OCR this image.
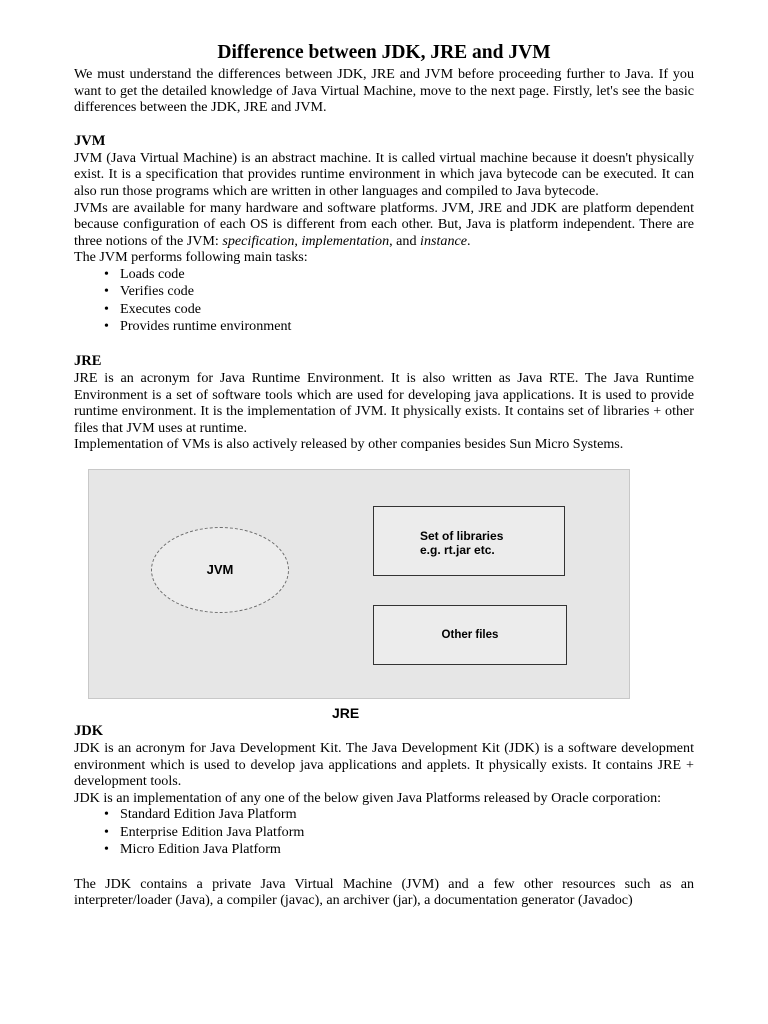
Difference between JDK, JRE and JVM

We must understand the differences between JDK, JRE and JVM before proceeding further to Java. If you want to get the detailed knowledge of Java Virtual Machine, move to the next page. Firstly, let's see the basic differences between the JDK, JRE and JVM.

JVM

JVM (Java Virtual Machine) is an abstract machine. It is called virtual machine because it doesn't physically exist. It is a specification that provides runtime environment in which java bytecode can be executed. It can also run those programs which are written in other languages and compiled to Java bytecode.

JVMs are available for many hardware and software platforms. JVM, JRE and JDK are platform dependent because configuration of each OS is different from each other. But, Java is platform independent. There are three notions of the JVM: specification, implementation, and instance.

The JVM performs following main tasks:

• Loads code
• Verifies code
• Executes code
• Provides runtime environment
JRE

JRE is an acronym for Java Runtime Environment. It is also written as Java RTE. The Java Runtime Environment is a set of software tools which are used for developing java applications. It is used to provide runtime environment. It is the implementation of JVM. It physically exists. It contains set of libraries + other files that JVM uses at runtime.

Implementation of VMs is also actively released by other companies besides Sun Micro Systems.

JVM
Set of libraries
e.g. rt.jar etc.
Other files
JRE
JDK

JDK is an acronym for Java Development Kit. The Java Development Kit (JDK) is a software development environment which is used to develop java applications and applets. It physically exists. It contains JRE + development tools.

JDK is an implementation of any one of the below given Java Platforms released by Oracle corporation:

• Standard Edition Java Platform
• Enterprise Edition Java Platform
• Micro Edition Java Platform

The JDK contains a private Java Virtual Machine (JVM) and a few other resources such as an interpreter/loader (Java), a compiler (javac), an archiver (jar), a documentation generator (Javadoc)
